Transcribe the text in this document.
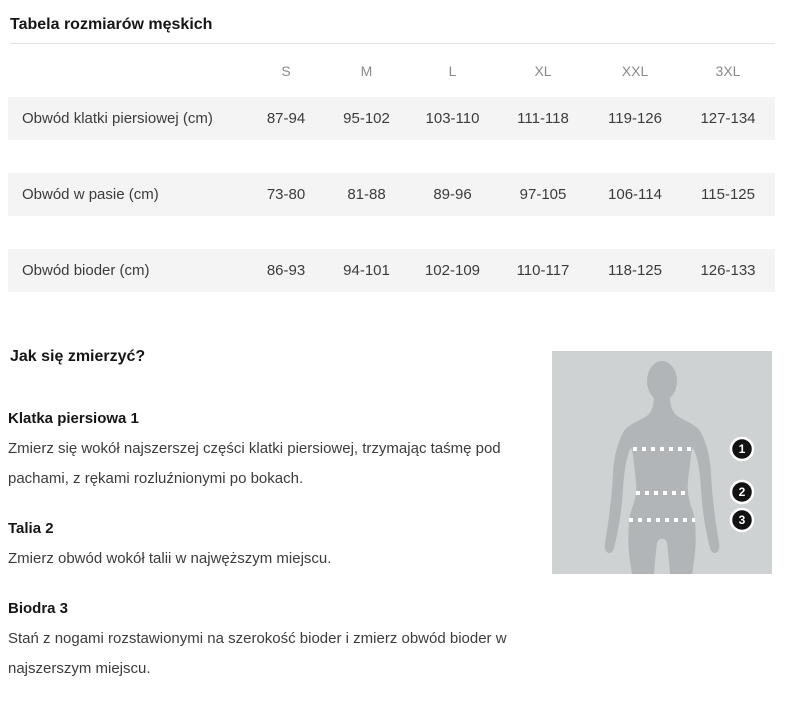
Tabela rozmiarów męskich
S	M	L	XL	XXL	3XL
Obwód klatki piersiowej (cm)	87-94	95-102	103-110	111-118	119-126	127-134
Obwód w pasie (cm)	73-80	81-88	89-96	97-105	106-114	115-125
Obwód bioder (cm)	86-93	94-101	102-109	110-117	118-125	126-133
Jak się zmierzyć?
Klatka piersiowa 1

Zmierz się wokół najszerszej części klatki piersiowej, trzymając taśmę pod pachami, z rękami rozluźnionymi po bokach.

Talia 2

Zmierz obwód wokół talii w najwęższym miejscu.

Biodra 3

Stań z nogami rozstawionymi na szerokość bioder i zmierz obwód bioder w najszerszym miejscu.

1
2
3
